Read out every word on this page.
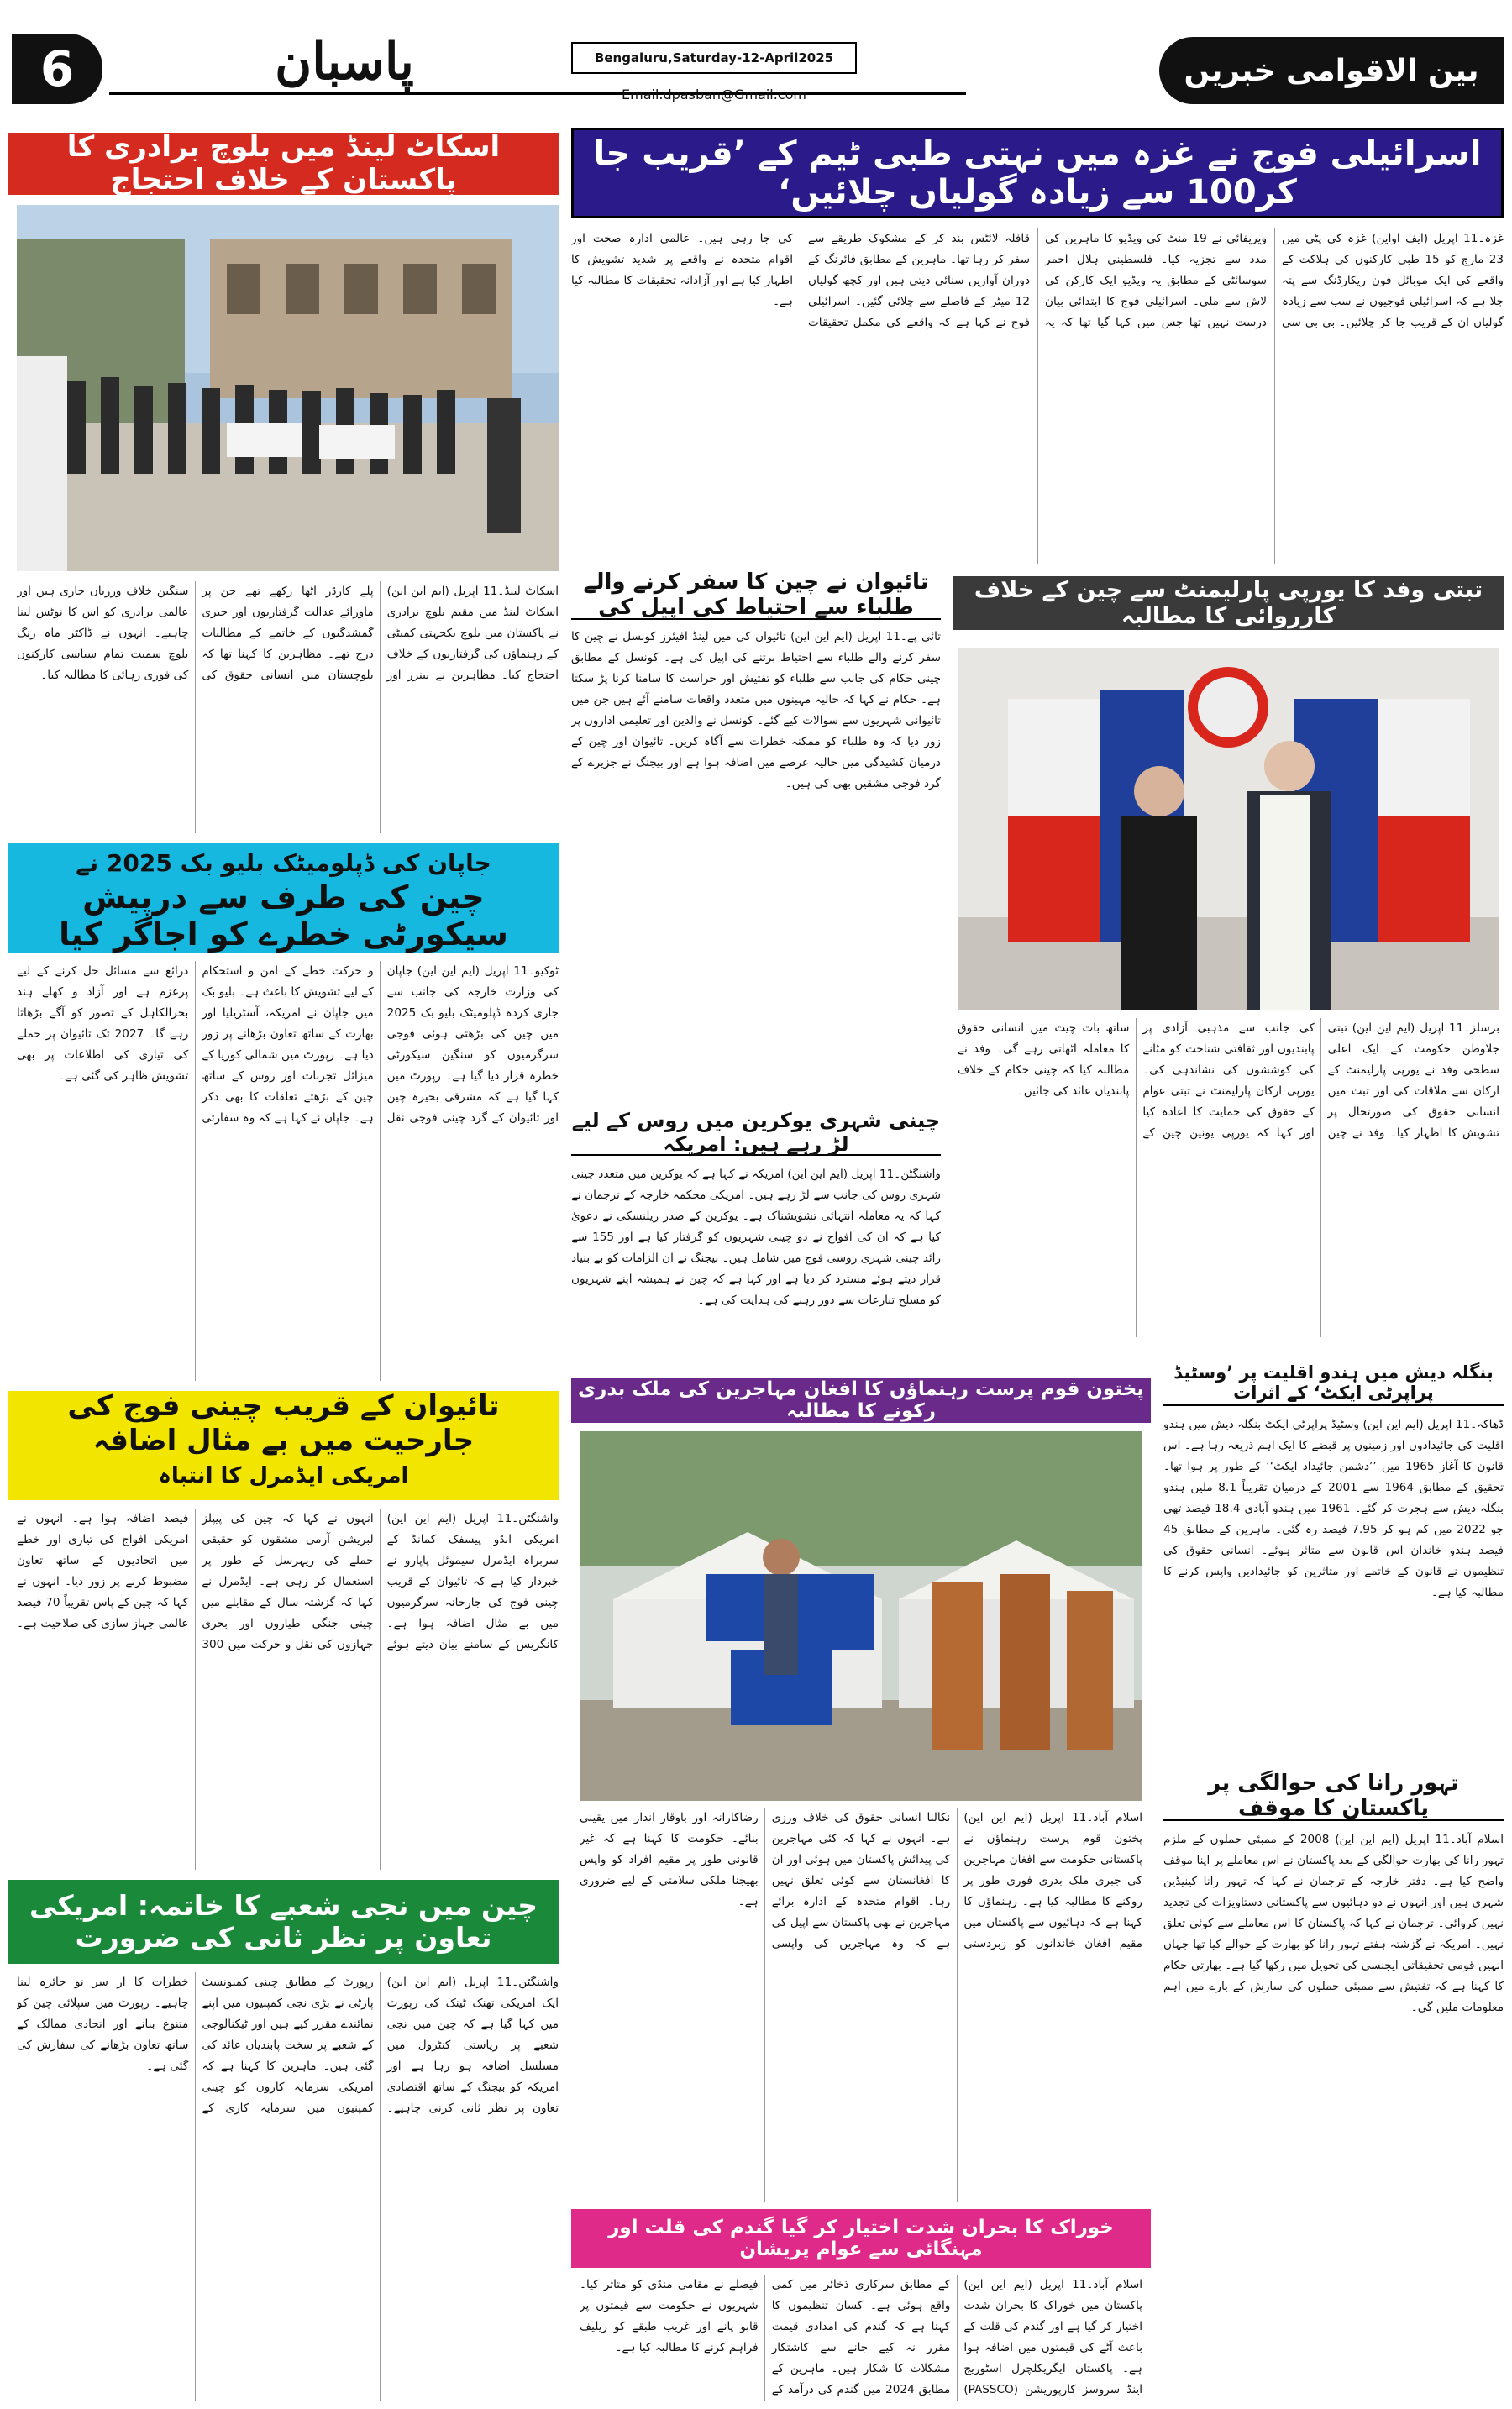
6	پاسبان	Bengaluru,Saturday-12-April2025
Email.dpasban@Gmail.com
بین الاقوامی خبریں
اسرائیلی فوج نے غزہ میں نہتی طبی ٹیم کے ’قریب جا کر100 سے زیادہ گولیاں چلائیں‘
غزہ۔11 اپریل (ایف اواین) غزہ کی پٹی میں 23 مارچ کو 15 طبی کارکنوں کی ہلاکت کے واقعے کی ایک موبائل فون ریکارڈنگ سے پتہ چلا ہے کہ اسرائیلی فوجیوں نے سب سے زیادہ گولیاں ان کے قریب جا کر چلائیں۔ بی بی سی ویریفائی نے 19 منٹ کی ویڈیو کا ماہرین کی مدد سے تجزیہ کیا۔ فلسطینی ہلال احمر سوسائٹی کے مطابق یہ ویڈیو ایک کارکن کی لاش سے ملی۔ اسرائیلی فوج کا ابتدائی بیان درست نہیں تھا جس میں کہا گیا تھا کہ یہ قافلہ لائٹس بند کر کے مشکوک طریقے سے سفر کر رہا تھا۔ ماہرین کے مطابق فائرنگ کے دوران آوازیں سنائی دیتی ہیں اور کچھ گولیاں 12 میٹر کے فاصلے سے چلائی گئیں۔ اسرائیلی فوج نے کہا ہے کہ واقعے کی مکمل تحقیقات کی جا رہی ہیں۔ عالمی ادارہ صحت اور اقوام متحدہ نے واقعے پر شدید تشویش کا اظہار کیا ہے اور آزادانہ تحقیقات کا مطالبہ کیا ہے۔
اسکاٹ لینڈ میں بلوچ برادری کا پاکستان کے خلاف احتجاج
اسکاٹ لینڈ۔11 اپریل (ایم این این) اسکاٹ لینڈ میں مقیم بلوچ برادری نے پاکستان میں بلوچ یکجہتی کمیٹی کے رہنماؤں کی گرفتاریوں کے خلاف احتجاج کیا۔ مظاہرین نے بینرز اور پلے کارڈز اٹھا رکھے تھے جن پر ماورائے عدالت گرفتاریوں اور جبری گمشدگیوں کے خاتمے کے مطالبات درج تھے۔ مظاہرین کا کہنا تھا کہ بلوچستان میں انسانی حقوق کی سنگین خلاف ورزیاں جاری ہیں اور عالمی برادری کو اس کا نوٹس لینا چاہیے۔ انہوں نے ڈاکٹر ماہ رنگ بلوچ سمیت تمام سیاسی کارکنوں کی فوری رہائی کا مطالبہ کیا۔
تائیوان نے چین کا سفر کرنے والے طلباء سے احتیاط کی اپیل کی
تائی پے۔11 اپریل (ایم این این) تائیوان کی مین لینڈ افیئرز کونسل نے چین کا سفر کرنے والے طلباء سے احتیاط برتنے کی اپیل کی ہے۔ کونسل کے مطابق چینی حکام کی جانب سے طلباء کو تفتیش اور حراست کا سامنا کرنا پڑ سکتا ہے۔ حکام نے کہا کہ حالیہ مہینوں میں متعدد واقعات سامنے آئے ہیں جن میں تائیوانی شہریوں سے سوالات کیے گئے۔ کونسل نے والدین اور تعلیمی اداروں پر زور دیا کہ وہ طلباء کو ممکنہ خطرات سے آگاہ کریں۔ تائیوان اور چین کے درمیان کشیدگی میں حالیہ عرصے میں اضافہ ہوا ہے اور بیجنگ نے جزیرے کے گرد فوجی مشقیں بھی کی ہیں۔
تبتی وفد کا یورپی پارلیمنٹ سے چین کے خلاف کارروائی کا مطالبہ
برسلز۔11 اپریل (ایم این این) تبتی جلاوطن حکومت کے ایک اعلیٰ سطحی وفد نے یورپی پارلیمنٹ کے ارکان سے ملاقات کی اور تبت میں انسانی حقوق کی صورتحال پر تشویش کا اظہار کیا۔ وفد نے چین کی جانب سے مذہبی آزادی پر پابندیوں اور ثقافتی شناخت کو مٹانے کی کوششوں کی نشاندہی کی۔ یورپی ارکان پارلیمنٹ نے تبتی عوام کے حقوق کی حمایت کا اعادہ کیا اور کہا کہ یورپی یونین چین کے ساتھ بات چیت میں انسانی حقوق کا معاملہ اٹھاتی رہے گی۔ وفد نے مطالبہ کیا کہ چینی حکام کے خلاف پابندیاں عائد کی جائیں۔
جاپان کی ڈپلومیٹک بلیو بک 2025 نے
چین کی طرف سے درپیش سیکورٹی خطرے کو اجاگر کیا
ٹوکیو۔11 اپریل (ایم این این) جاپان کی وزارت خارجہ کی جانب سے جاری کردہ ڈپلومیٹک بلیو بک 2025 میں چین کی بڑھتی ہوئی فوجی سرگرمیوں کو سنگین سیکورٹی خطرہ قرار دیا گیا ہے۔ رپورٹ میں کہا گیا ہے کہ مشرقی بحیرہ چین اور تائیوان کے گرد چینی فوجی نقل و حرکت خطے کے امن و استحکام کے لیے تشویش کا باعث ہے۔ بلیو بک میں جاپان نے امریکہ، آسٹریلیا اور بھارت کے ساتھ تعاون بڑھانے پر زور دیا ہے۔ رپورٹ میں شمالی کوریا کے میزائل تجربات اور روس کے ساتھ چین کے بڑھتے تعلقات کا بھی ذکر ہے۔ جاپان نے کہا ہے کہ وہ سفارتی ذرائع سے مسائل حل کرنے کے لیے پرعزم ہے اور آزاد و کھلے ہند بحرالکاہل کے تصور کو آگے بڑھاتا رہے گا۔ 2027 تک تائیوان پر حملے کی تیاری کی اطلاعات پر بھی تشویش ظاہر کی گئی ہے۔
چینی شہری یوکرین میں روس کے لیے لڑ رہے ہیں: امریکہ
واشنگٹن۔11 اپریل (ایم این این) امریکہ نے کہا ہے کہ یوکرین میں متعدد چینی شہری روس کی جانب سے لڑ رہے ہیں۔ امریکی محکمہ خارجہ کے ترجمان نے کہا کہ یہ معاملہ انتہائی تشویشناک ہے۔ یوکرین کے صدر زیلنسکی نے دعویٰ کیا ہے کہ ان کی افواج نے دو چینی شہریوں کو گرفتار کیا ہے اور 155 سے زائد چینی شہری روسی فوج میں شامل ہیں۔ بیجنگ نے ان الزامات کو بے بنیاد قرار دیتے ہوئے مسترد کر دیا ہے اور کہا ہے کہ چین نے ہمیشہ اپنے شہریوں کو مسلح تنازعات سے دور رہنے کی ہدایت کی ہے۔
پختون قوم پرست رہنماؤں کا افغان مہاجرین کی ملک بدری رکونے کا مطالبہ
اسلام آباد۔11 اپریل (ایم این این) پختون قوم پرست رہنماؤں نے پاکستانی حکومت سے افغان مہاجرین کی جبری ملک بدری فوری طور پر روکنے کا مطالبہ کیا ہے۔ رہنماؤں کا کہنا ہے کہ دہائیوں سے پاکستان میں مقیم افغان خاندانوں کو زبردستی نکالنا انسانی حقوق کی خلاف ورزی ہے۔ انہوں نے کہا کہ کئی مہاجرین کی پیدائش پاکستان میں ہوئی اور ان کا افغانستان سے کوئی تعلق نہیں رہا۔ اقوام متحدہ کے ادارہ برائے مہاجرین نے بھی پاکستان سے اپیل کی ہے کہ وہ مہاجرین کی واپسی رضاکارانہ اور باوقار انداز میں یقینی بنائے۔ حکومت کا کہنا ہے کہ غیر قانونی طور پر مقیم افراد کو واپس بھیجنا ملکی سلامتی کے لیے ضروری ہے۔
بنگلہ دیش میں ہندو اقلیت پر ’وسٹیڈ پراپرٹی ایکٹ‘ کے اثرات
ڈھاکہ۔11 اپریل (ایم این این) وسٹیڈ پراپرٹی ایکٹ بنگلہ دیش میں ہندو اقلیت کی جائیدادوں اور زمینوں پر قبضے کا ایک اہم ذریعہ رہا ہے۔ اس قانون کا آغاز 1965 میں ’’دشمن جائیداد ایکٹ‘‘ کے طور پر ہوا تھا۔ تحقیق کے مطابق 1964 سے 2001 کے درمیان تقریباً 8.1 ملین ہندو بنگلہ دیش سے ہجرت کر گئے۔ 1961 میں ہندو آبادی 18.4 فیصد تھی جو 2022 میں کم ہو کر 7.95 فیصد رہ گئی۔ ماہرین کے مطابق 45 فیصد ہندو خاندان اس قانون سے متاثر ہوئے۔ انسانی حقوق کی تنظیموں نے قانون کے خاتمے اور متاثرین کو جائیدادیں واپس کرنے کا مطالبہ کیا ہے۔
تہور رانا کی حوالگی پر پاکستان کا موقف
اسلام آباد۔11 اپریل (ایم این این) 2008 کے ممبئی حملوں کے ملزم تہور رانا کی بھارت حوالگی کے بعد پاکستان نے اس معاملے پر اپنا موقف واضح کیا ہے۔ دفتر خارجہ کے ترجمان نے کہا کہ تہور رانا کینیڈین شہری ہیں اور انہوں نے دو دہائیوں سے پاکستانی دستاویزات کی تجدید نہیں کروائی۔ ترجمان نے کہا کہ پاکستان کا اس معاملے سے کوئی تعلق نہیں۔ امریکہ نے گزشتہ ہفتے تہور رانا کو بھارت کے حوالے کیا تھا جہاں انہیں قومی تحقیقاتی ایجنسی کی تحویل میں رکھا گیا ہے۔ بھارتی حکام کا کہنا ہے کہ تفتیش سے ممبئی حملوں کی سازش کے بارے میں اہم معلومات ملیں گی۔
تائیوان کے قریب چینی فوج کی جارحیت میں بے مثال اضافہ
امریکی ایڈمرل کا انتباہ
واشنگٹن۔11 اپریل (ایم این این) امریکی انڈو پیسفک کمانڈ کے سربراہ ایڈمرل سیموئل پاپارو نے خبردار کیا ہے کہ تائیوان کے قریب چینی فوج کی جارحانہ سرگرمیوں میں بے مثال اضافہ ہوا ہے۔ کانگریس کے سامنے بیان دیتے ہوئے انہوں نے کہا کہ چین کی پیپلز لبریشن آرمی مشقوں کو حقیقی حملے کی ریہرسل کے طور پر استعمال کر رہی ہے۔ ایڈمرل نے کہا کہ گزشتہ سال کے مقابلے میں چینی جنگی طیاروں اور بحری جہازوں کی نقل و حرکت میں 300 فیصد اضافہ ہوا ہے۔ انہوں نے امریکی افواج کی تیاری اور خطے میں اتحادیوں کے ساتھ تعاون مضبوط کرنے پر زور دیا۔ انہوں نے کہا کہ چین کے پاس تقریباً 70 فیصد عالمی جہاز سازی کی صلاحیت ہے۔
چین میں نجی شعبے کا خاتمہ: امریکی تعاون پر نظر ثانی کی ضرورت
واشنگٹن۔11 اپریل (ایم این این) ایک امریکی تھنک ٹینک کی رپورٹ میں کہا گیا ہے کہ چین میں نجی شعبے پر ریاستی کنٹرول میں مسلسل اضافہ ہو رہا ہے اور امریکہ کو بیجنگ کے ساتھ اقتصادی تعاون پر نظر ثانی کرنی چاہیے۔ رپورٹ کے مطابق چینی کمیونسٹ پارٹی نے بڑی نجی کمپنیوں میں اپنے نمائندے مقرر کیے ہیں اور ٹیکنالوجی کے شعبے پر سخت پابندیاں عائد کی گئی ہیں۔ ماہرین کا کہنا ہے کہ امریکی سرمایہ کاروں کو چینی کمپنیوں میں سرمایہ کاری کے خطرات کا از سر نو جائزہ لینا چاہیے۔ رپورٹ میں سپلائی چین کو متنوع بنانے اور اتحادی ممالک کے ساتھ تعاون بڑھانے کی سفارش کی گئی ہے۔
خوراک کا بحران شدت اختیار کر گیا گندم کی قلت اور مہنگائی سے عوام پریشان
اسلام آباد۔11 اپریل (ایم این این) پاکستان میں خوراک کا بحران شدت اختیار کر گیا ہے اور گندم کی قلت کے باعث آٹے کی قیمتوں میں اضافہ ہوا ہے۔ پاکستان ایگریکلچرل اسٹوریج اینڈ سروسز کارپوریشن (PASSCO) کے مطابق سرکاری ذخائر میں کمی واقع ہوئی ہے۔ کسان تنظیموں کا کہنا ہے کہ گندم کی امدادی قیمت مقرر نہ کیے جانے سے کاشتکار مشکلات کا شکار ہیں۔ ماہرین کے مطابق 2024 میں گندم کی درآمد کے فیصلے نے مقامی منڈی کو متاثر کیا۔ شہریوں نے حکومت سے قیمتوں پر قابو پانے اور غریب طبقے کو ریلیف فراہم کرنے کا مطالبہ کیا ہے۔
